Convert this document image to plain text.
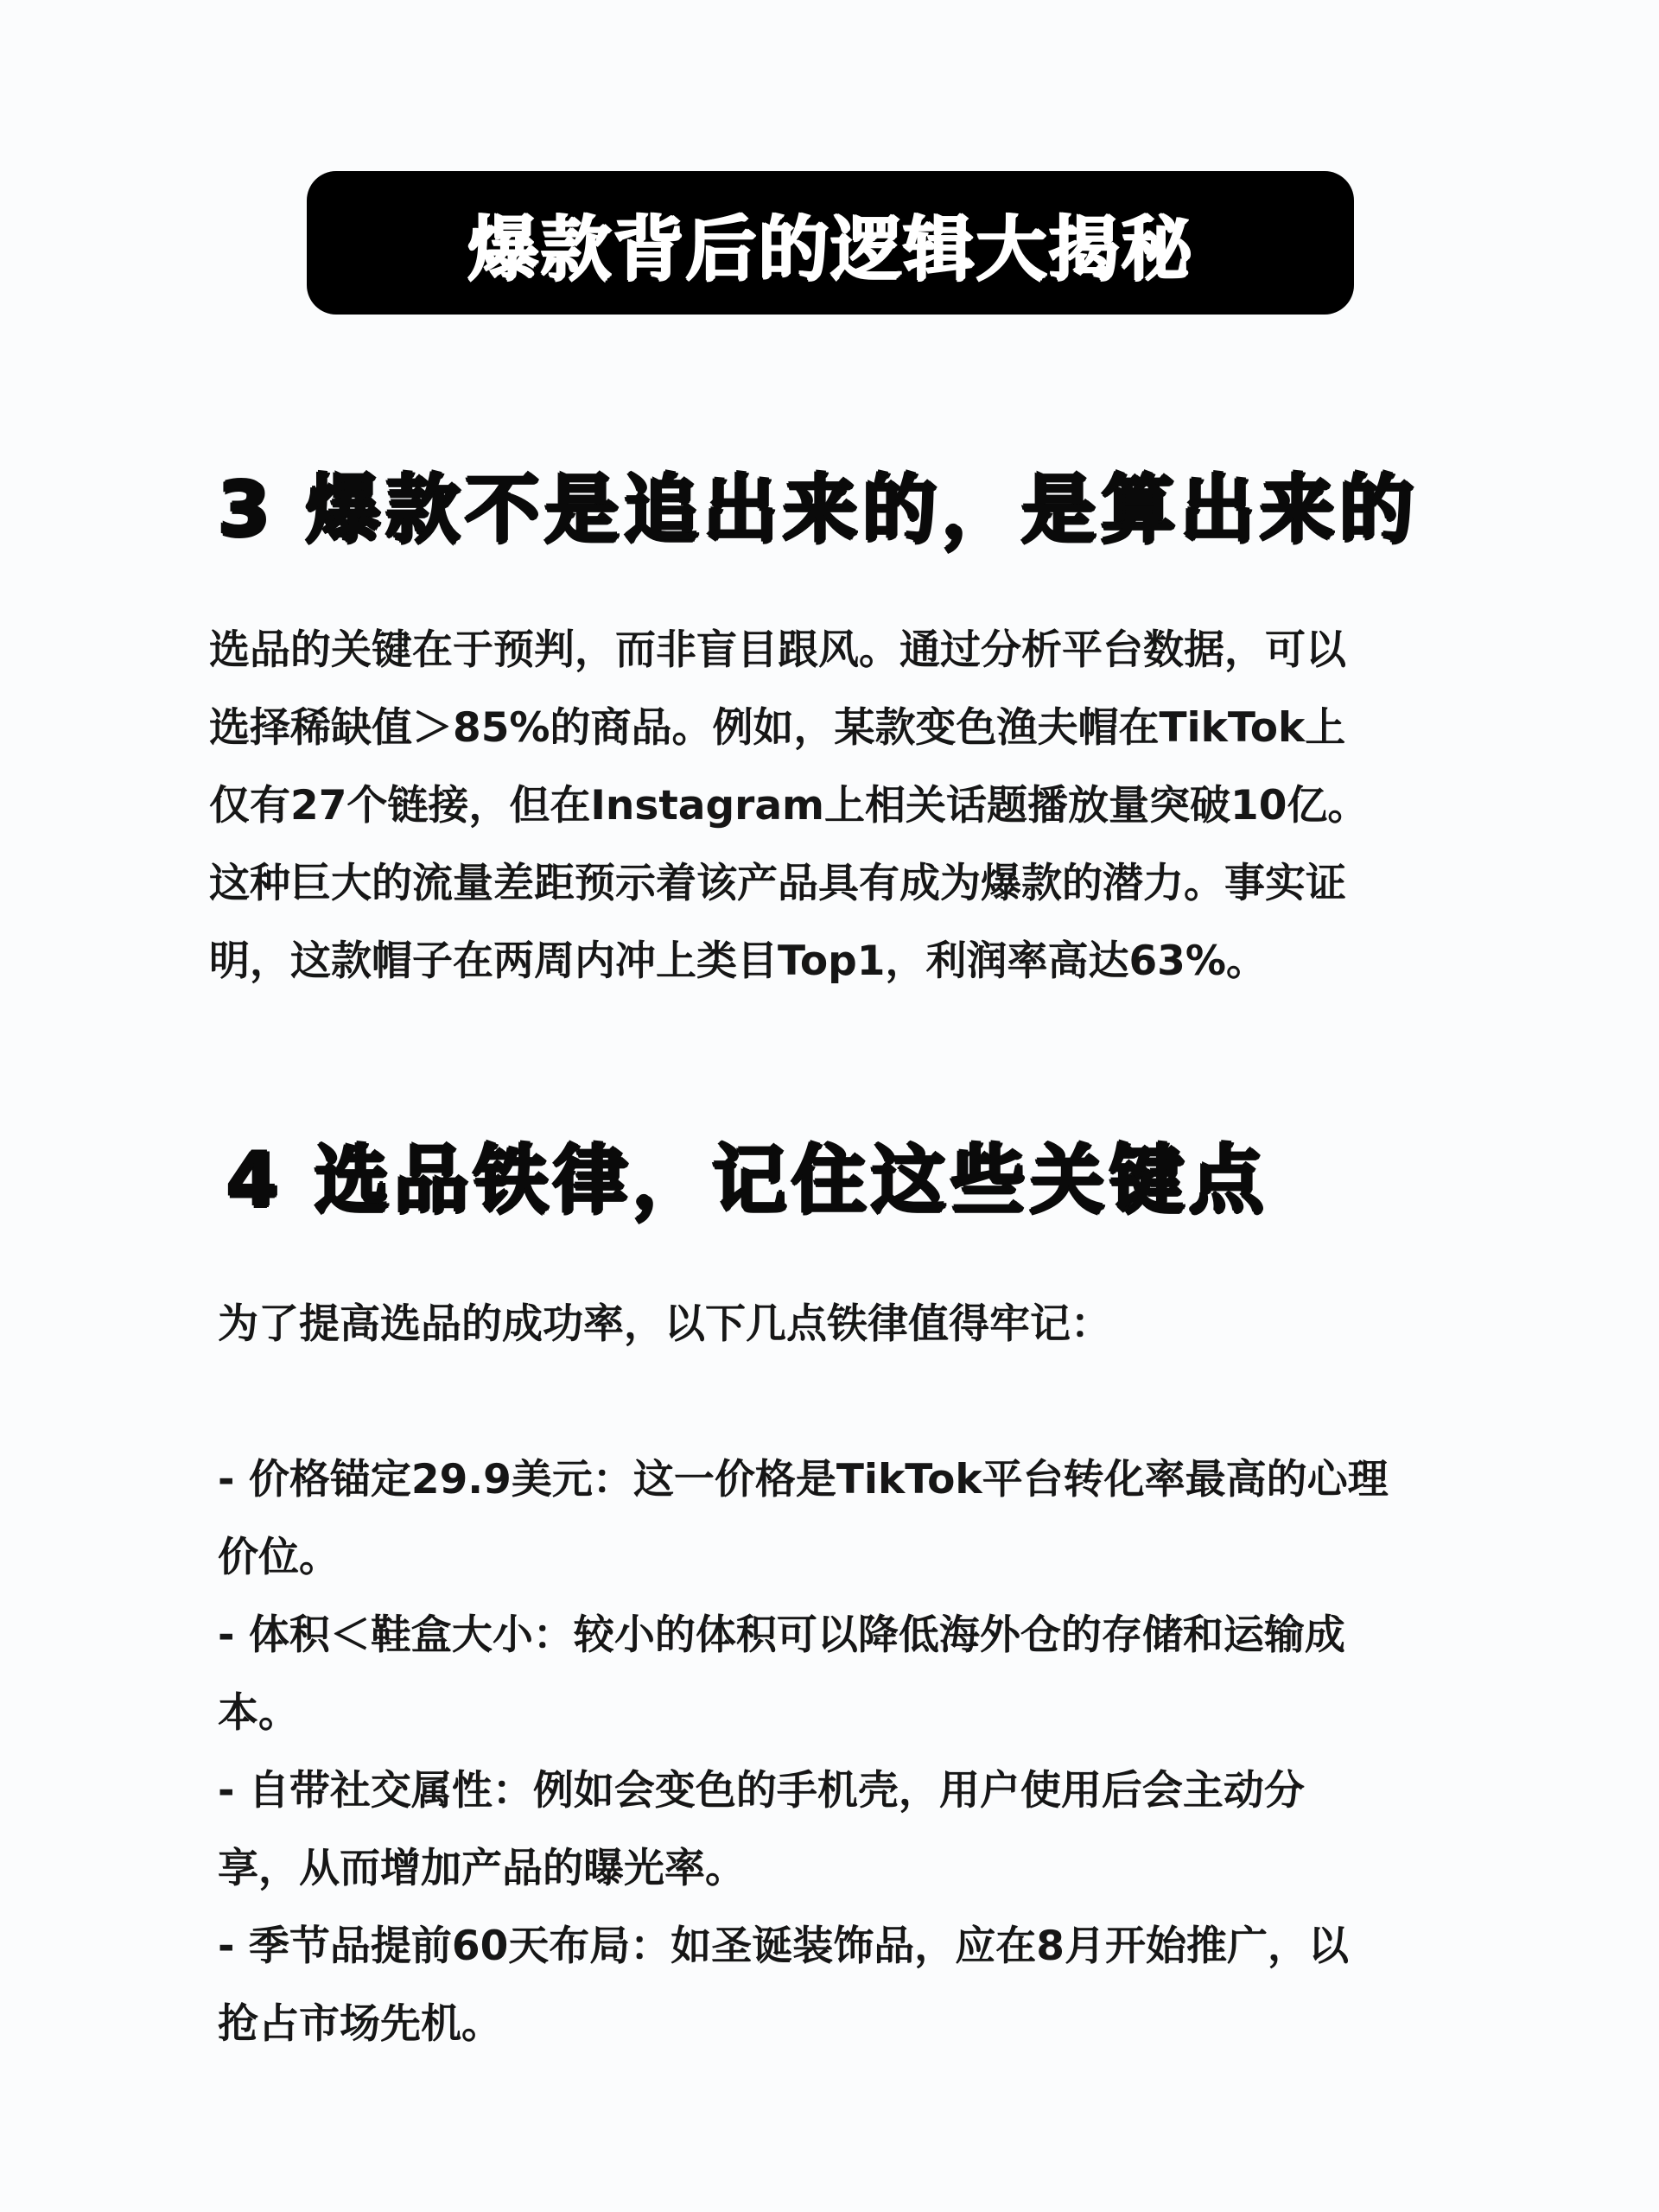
爆款背后的逻辑大揭秘
3 爆款不是追出来的，是算出来的
选品的关键在于预判，而非盲目跟风。通过分析平台数据，可以
选择稀缺值＞85%的商品。例如，某款变色渔夫帽在TikTok上
仅有27个链接，但在Instagram上相关话题播放量突破10亿。
这种巨大的流量差距预示着该产品具有成为爆款的潜力。事实证
明，这款帽子在两周内冲上类目Top1，利润率高达63%。
4 选品铁律，记住这些关键点
为了提高选品的成功率，以下几点铁律值得牢记：
- 价格锚定29.9美元：这一价格是TikTok平台转化率最高的心理
价位。
- 体积＜鞋盒大小：较小的体积可以降低海外仓的存储和运输成
本。
- 自带社交属性：例如会变色的手机壳，用户使用后会主动分
享，从而增加产品的曝光率。
- 季节品提前60天布局：如圣诞装饰品，应在8月开始推广，以
抢占市场先机。
